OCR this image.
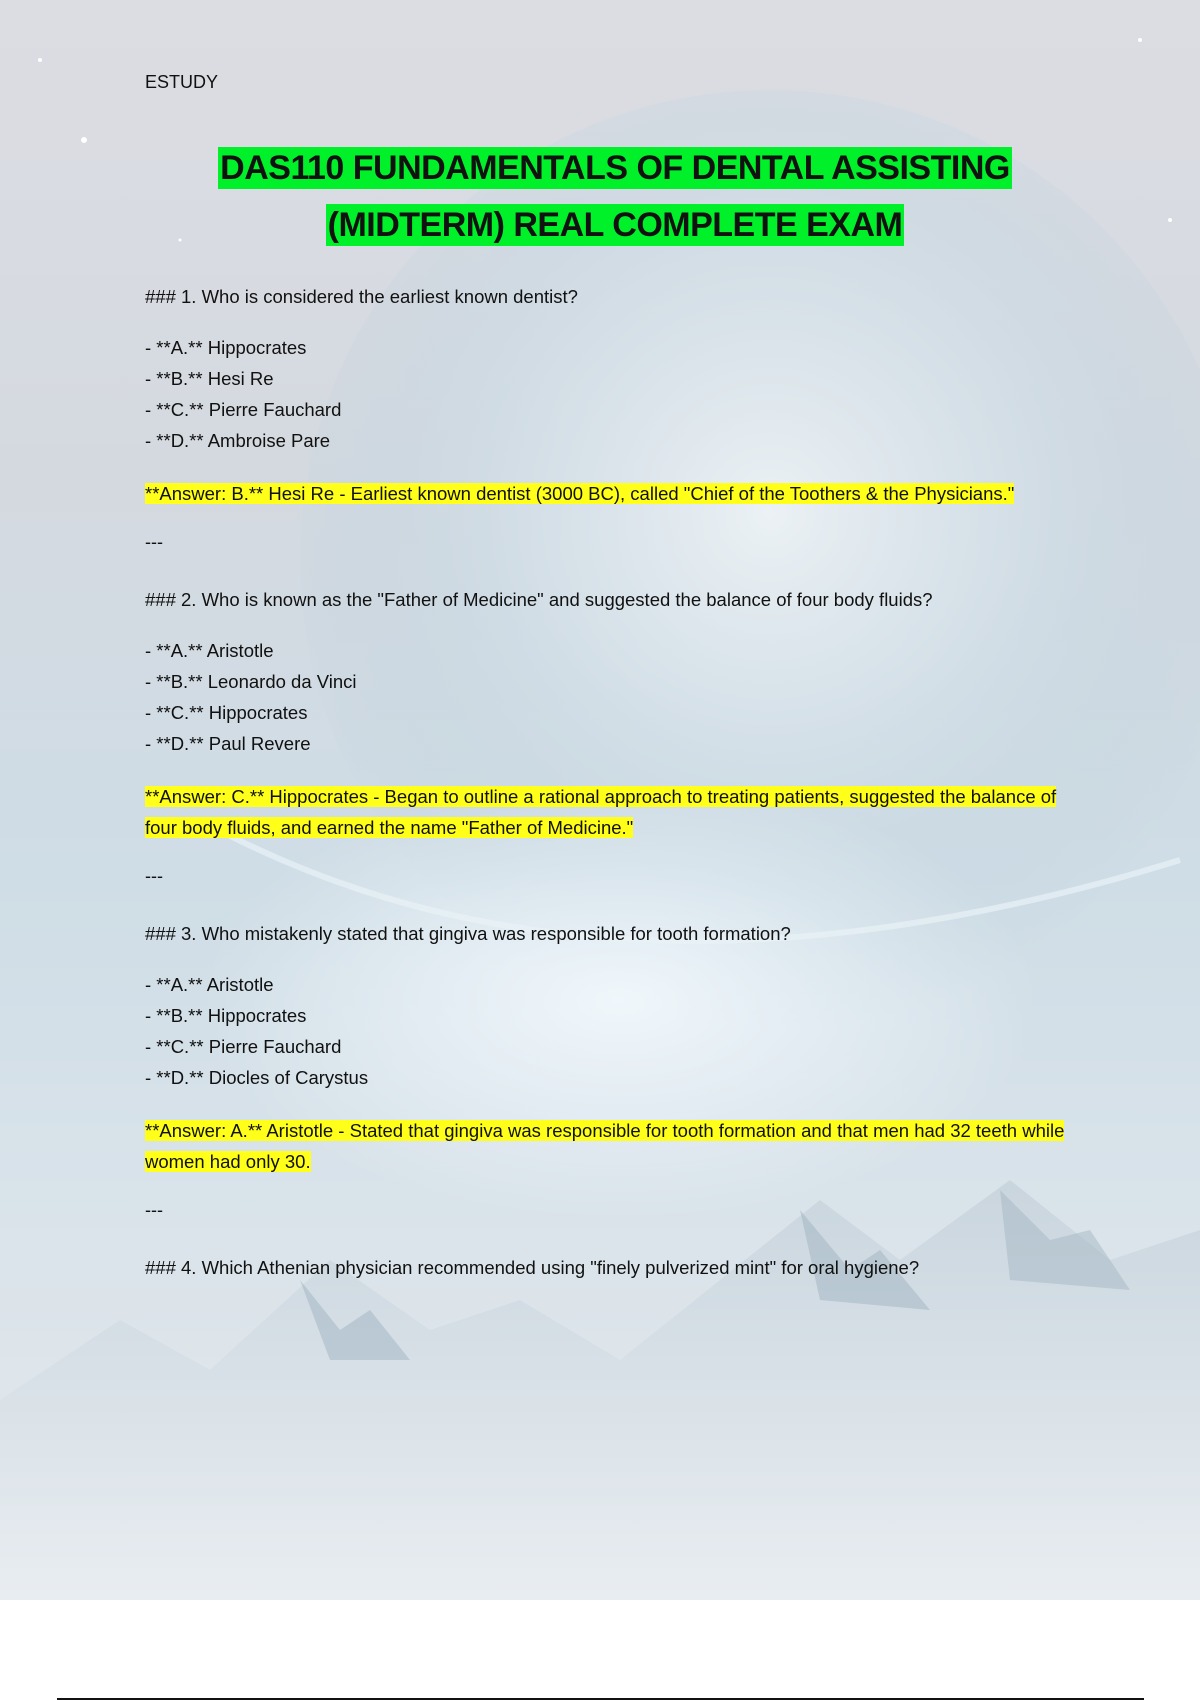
ESTUDY
DAS110 FUNDAMENTALS OF DENTAL ASSISTING
(MIDTERM) REAL COMPLETE EXAM
### 1. Who is considered the earliest known dentist?
- **A.** Hippocrates
- **B.** Hesi Re
- **C.** Pierre Fauchard
- **D.** Ambroise Pare
**Answer: B.** Hesi Re - Earliest known dentist (3000 BC), called "Chief of the Toothers & the Physicians."
---
### 2. Who is known as the "Father of Medicine" and suggested the balance of four body fluids?
- **A.** Aristotle
- **B.** Leonardo da Vinci
- **C.** Hippocrates
- **D.** Paul Revere
**Answer: C.** Hippocrates - Began to outline a rational approach to treating patients, suggested the balance of four body fluids, and earned the name "Father of Medicine."
---
### 3. Who mistakenly stated that gingiva was responsible for tooth formation?
- **A.** Aristotle
- **B.** Hippocrates
- **C.** Pierre Fauchard
- **D.** Diocles of Carystus
**Answer: A.** Aristotle - Stated that gingiva was responsible for tooth formation and that men had 32 teeth while women had only 30.
---
### 4. Which Athenian physician recommended using "finely pulverized mint" for oral hygiene?
